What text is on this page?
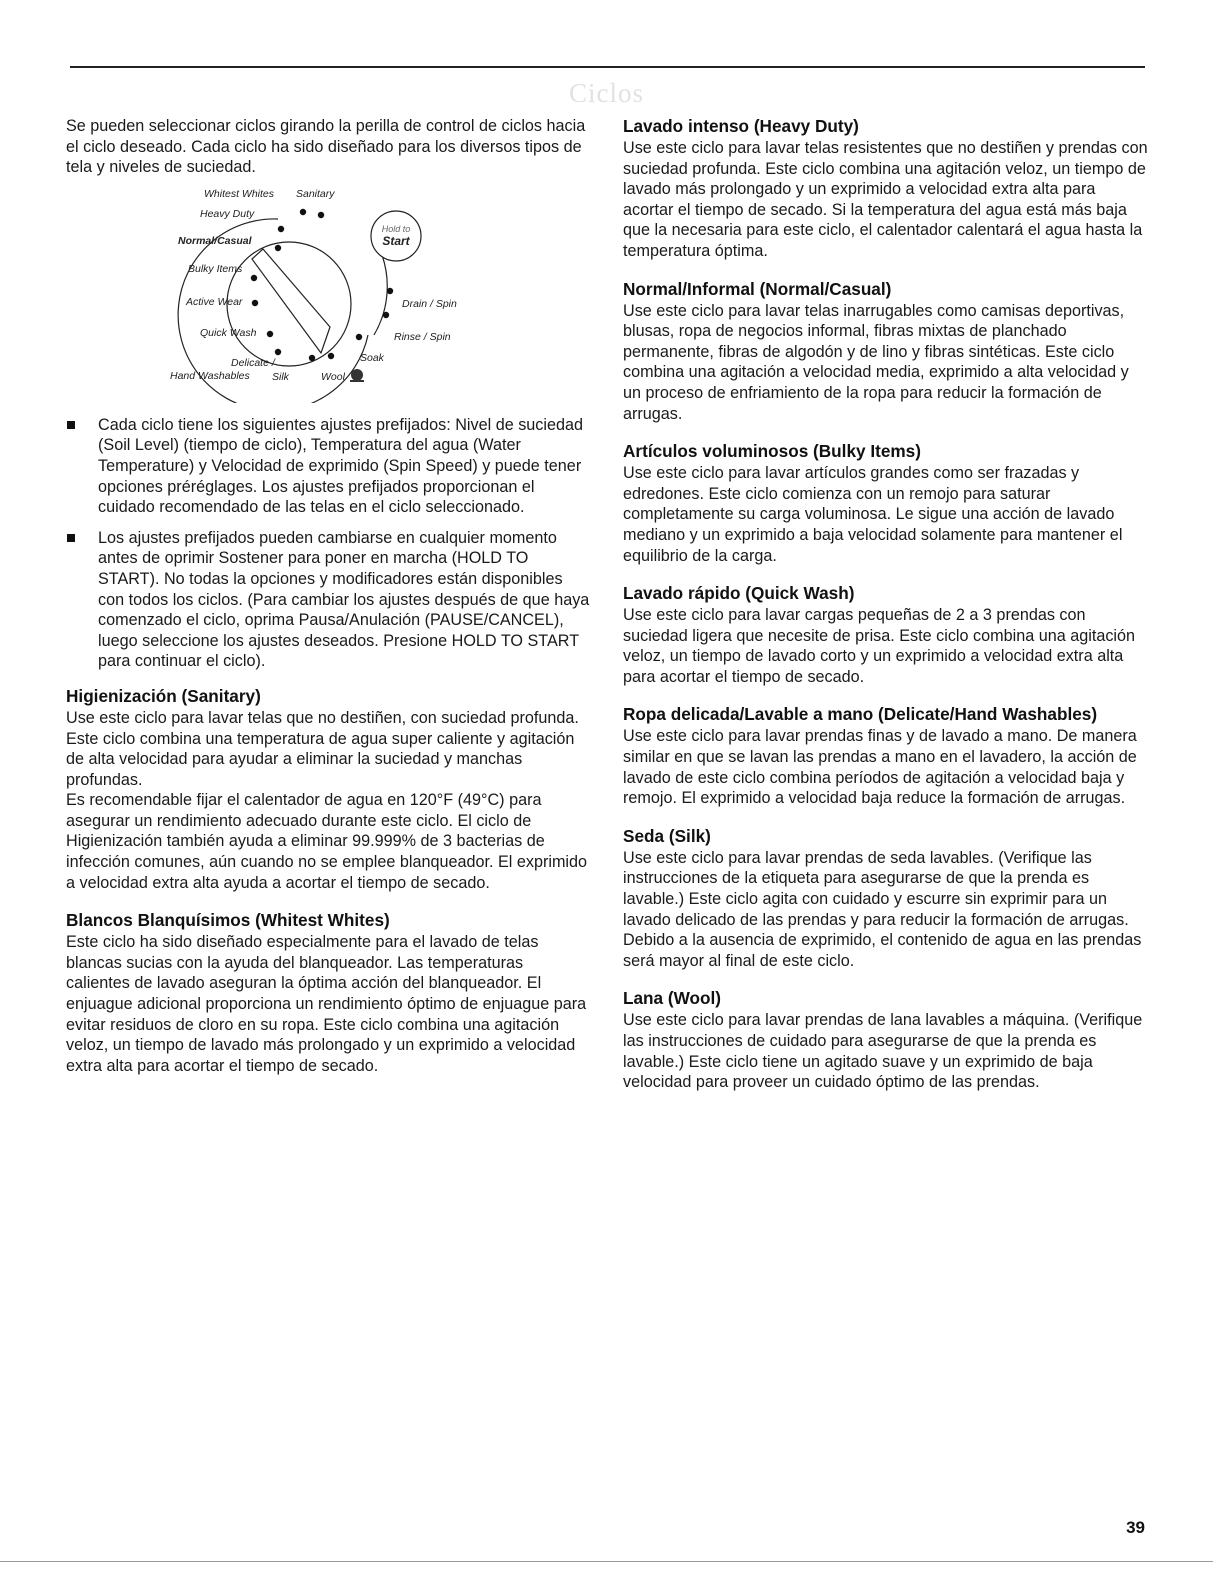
Ciclos

Se pueden seleccionar ciclos girando la perilla de control de ciclos hacia el ciclo deseado. Cada ciclo ha sido diseñado para los diversos tipos de tela y niveles de suciedad.

Hold to
Start
Whitest Whites Sanitary
Heavy Duty
Normal/Casual
Bulky Items
Active Wear
Quick Wash
Delicate /
Hand Washables Silk	Wool
Soak
Rinse / Spin
Drain / Spin
Cada ciclo tiene los siguientes ajustes prefijados: Nivel de suciedad (Soil Level) (tiempo de ciclo), Temperatura del agua (Water Temperature) y Velocidad de exprimido (Spin Speed) y puede tener opciones préréglages. Los ajustes prefijados proporcionan el cuidado recomendado de las telas en el ciclo seleccionado.
Los ajustes prefijados pueden cambiarse en cualquier momento antes de oprimir Sostener para poner en marcha (HOLD TO START). No todas la opciones y modificadores están disponibles con todos los ciclos. (Para cambiar los ajustes después de que haya comenzado el ciclo, oprima Pausa/Anulación (PAUSE/CANCEL), luego seleccione los ajustes deseados. Presione HOLD TO START para continuar el ciclo).
Higienización (Sanitary)

Use este ciclo para lavar telas que no destiñen, con suciedad profunda. Este ciclo combina una temperatura de agua super caliente y agitación de alta velocidad para ayudar a eliminar la suciedad y manchas profundas.

Es recomendable fijar el calentador de agua en 120°F (49°C) para asegurar un rendimiento adecuado durante este ciclo. El ciclo de Higienización también ayuda a eliminar 99.999% de 3 bacterias de infección comunes, aún cuando no se emplee blanqueador. El exprimido a velocidad extra alta ayuda a acortar el tiempo de secado.

Blancos Blanquísimos (Whitest Whites)

Este ciclo ha sido diseñado especialmente para el lavado de telas blancas sucias con la ayuda del blanqueador. Las temperaturas calientes de lavado aseguran la óptima acción del blanqueador. El enjuague adicional proporciona un rendimiento óptimo de enjuague para evitar residuos de cloro en su ropa. Este ciclo combina una agitación veloz, un tiempo de lavado más prolongado y un exprimido a velocidad extra alta para acortar el tiempo de secado.

Lavado intenso (Heavy Duty)

Use este ciclo para lavar telas resistentes que no destiñen y prendas con suciedad profunda. Este ciclo combina una agitación veloz, un tiempo de lavado más prolongado y un exprimido a velocidad extra alta para acortar el tiempo de secado. Si la temperatura del agua está más baja que la necesaria para este ciclo, el calentador calentará el agua hasta la temperatura óptima.

Normal/Informal (Normal/Casual)

Use este ciclo para lavar telas inarrugables como camisas deportivas, blusas, ropa de negocios informal, fibras mixtas de planchado permanente, fibras de algodón y de lino y fibras sintéticas. Este ciclo combina una agitación a velocidad media, exprimido a alta velocidad y un proceso de enfriamiento de la ropa para reducir la formación de arrugas.

Artículos voluminosos (Bulky Items)

Use este ciclo para lavar artículos grandes como ser frazadas y edredones. Este ciclo comienza con un remojo para saturar completamente su carga voluminosa. Le sigue una acción de lavado mediano y un exprimido a baja velocidad solamente para mantener el equilibrio de la carga.

Lavado rápido (Quick Wash)

Use este ciclo para lavar cargas pequeñas de 2 a 3 prendas con suciedad ligera que necesite de prisa. Este ciclo combina una agitación veloz, un tiempo de lavado corto y un exprimido a velocidad extra alta para acortar el tiempo de secado.

Ropa delicada/Lavable a mano (Delicate/Hand Washables)

Use este ciclo para lavar prendas finas y de lavado a mano. De manera similar en que se lavan las prendas a mano en el lavadero, la acción de lavado de este ciclo combina períodos de agitación a velocidad baja y remojo. El exprimido a velocidad baja reduce la formación de arrugas.

Seda (Silk)

Use este ciclo para lavar prendas de seda lavables. (Verifique las instrucciones de la etiqueta para asegurarse de que la prenda es lavable.) Este ciclo agita con cuidado y escurre sin exprimir para un lavado delicado de las prendas y para reducir la formación de arrugas. Debido a la ausencia de exprimido, el contenido de agua en las prendas será mayor al final de este ciclo.

Lana (Wool)

Use este ciclo para lavar prendas de lana lavables a máquina. (Verifique las instrucciones de cuidado para asegurarse de que la prenda es lavable.) Este ciclo tiene un agitado suave y un exprimido de baja velocidad para proveer un cuidado óptimo de las prendas.

39
